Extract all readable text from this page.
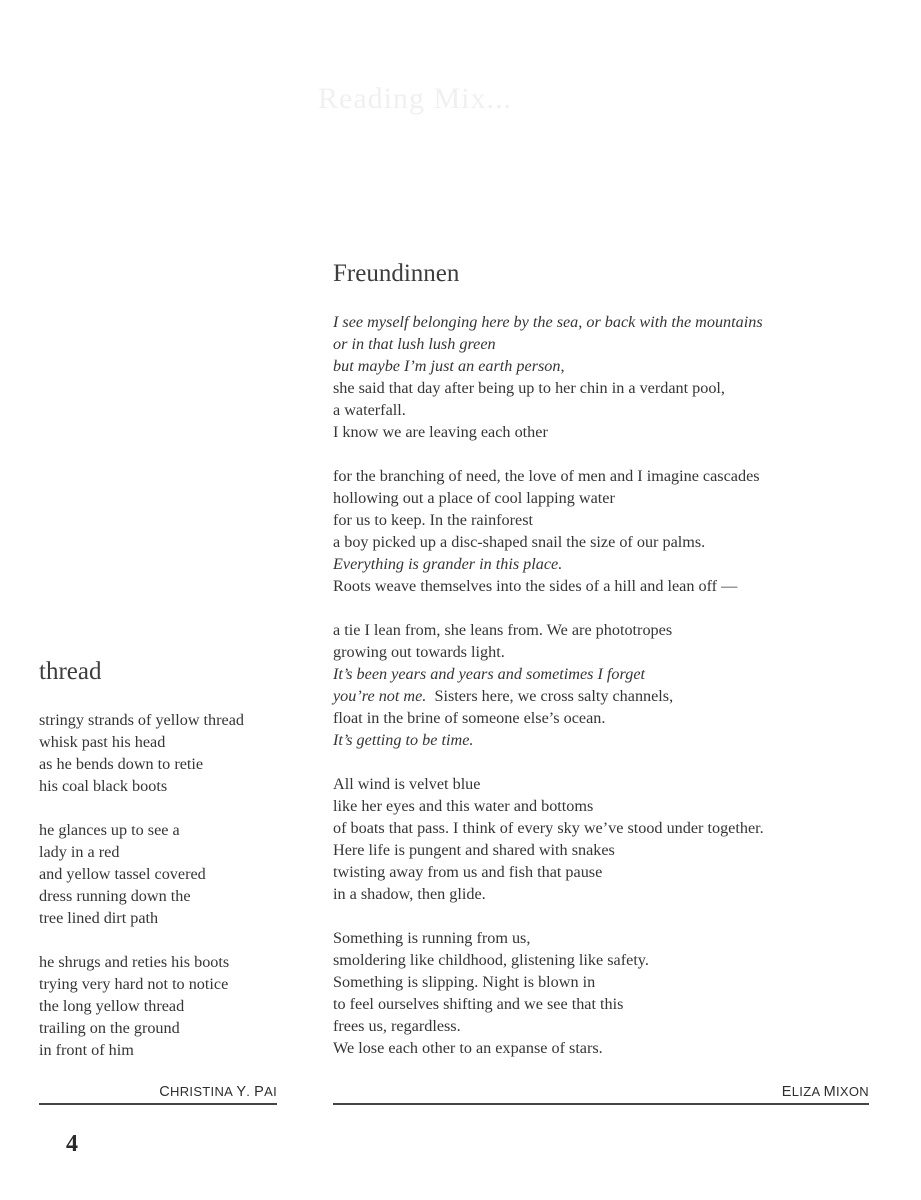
Reading Mix...
thread
stringy strands of yellow thread
whisk past his head
as he bends down to retie
his coal black boots

he glances up to see a
lady in a red
and yellow tassel covered
dress running down the
tree lined dirt path

he shrugs and reties his boots
trying very hard not to notice
the long yellow thread
trailing on the ground
in front of him
CHRISTINA Y. PAI
Freundinnen
I see myself belonging here by the sea, or back with the mountains
or in that lush lush green
but maybe I’m just an earth person,
she said that day after being up to her chin in a verdant pool,
a waterfall.
I know we are leaving each other

for the branching of need, the love of men and I imagine cascades
hollowing out a place of cool lapping water
for us to keep. In the rainforest
a boy picked up a disc-shaped snail the size of our palms.
Everything is grander in this place.
Roots weave themselves into the sides of a hill and lean off —

a tie I lean from, she leans from. We are phototropes
growing out towards light.
It’s been years and years and sometimes I forget
you’re not me.  Sisters here, we cross salty channels,
float in the brine of someone else’s ocean.
It’s getting to be time.

All wind is velvet blue
like her eyes and this water and bottoms
of boats that pass. I think of every sky we’ve stood under together.
Here life is pungent and shared with snakes
twisting away from us and fish that pause
in a shadow, then glide.

Something is running from us,
smoldering like childhood, glistening like safety.
Something is slipping. Night is blown in
to feel ourselves shifting and we see that this
frees us, regardless.
We lose each other to an expanse of stars.
ELIZA MIXON
4
